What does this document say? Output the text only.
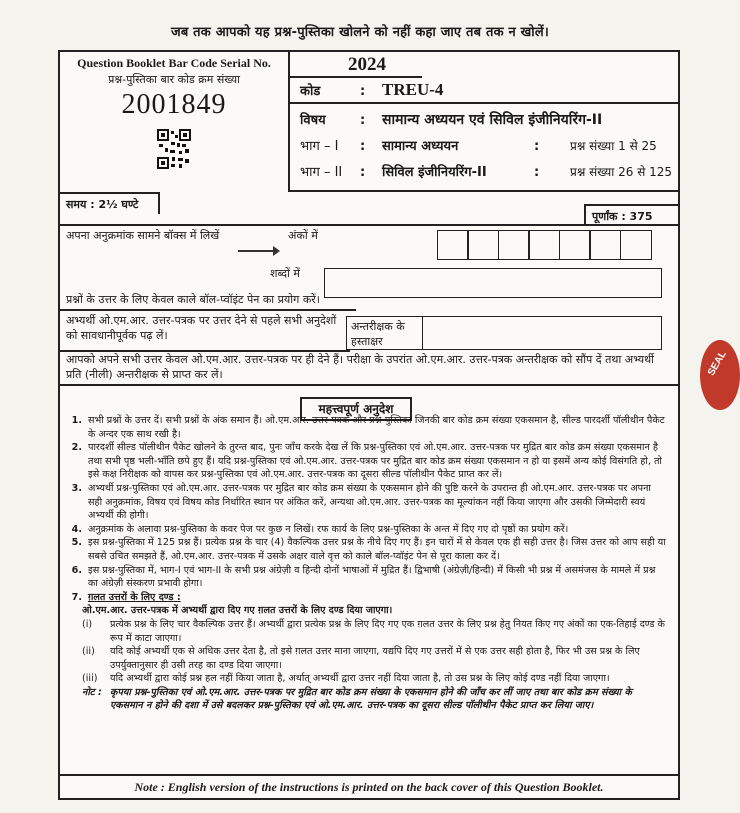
जब तक आपको यह प्रश्न-पुस्तिका खोलने को नहीं कहा जाए तब तक न खोलें।
Question Booklet Bar Code Serial No.
प्रश्न-पुस्तिका बार कोड क्रम संख्या
2001849
2024
कोड	: TREU-4
विषय	: सामान्य अध्ययन एवं सिविल इंजीनियरिंग-II
भाग – I : सामान्य अध्ययन	:	प्रश्न संख्या 1 से 25
भाग – II : सिविल इंजीनियरिंग-II	:	प्रश्न संख्या 26 से 125
समय : 2½ घण्टे
पूर्णांक : 375
अपना अनुक्रमांक सामने बॉक्स में लिखें	अंकों में
शब्दों में
प्रश्नों के उत्तर के लिए केवल काले बॉल-प्वॉइंट पेन का प्रयोग करें।
अभ्यर्थी ओ.एम.आर. उत्तर-पत्रक पर उत्तर देने से पहले सभी अनुदेशों को सावधानीपूर्वक पढ़ लें।
अन्तरीक्षक के हस्ताक्षर
आपको अपने सभी उत्तर केवल ओ.एम.आर. उत्तर-पत्रक पर ही देने हैं। परीक्षा के उपरांत ओ.एम.आर. उत्तर-पत्रक अन्तरीक्षक को सौंप दें तथा अभ्यर्थी प्रति (नीली) अन्तरीक्षक से प्राप्त कर लें।
महत्त्वपूर्ण अनुदेश
1. सभी प्रश्नों के उत्तर दें। सभी प्रश्नों के अंक समान हैं। ओ.एम.आर. उत्तर-पत्रक और प्रश्न-पुस्तिका जिनकी बार कोड क्रम संख्या एकसमान है, सील्ड पारदर्शी पॉलीथीन पैकेट के अन्दर एक साथ रखी है।
2. पारदर्शी सील्ड पॉलीथीन पैकेट खोलने के तुरन्त बाद, पुनः जाँच करके देख लें कि प्रश्न-पुस्तिका एवं ओ.एम.आर. उत्तर-पत्रक पर मुद्रित बार कोड क्रम संख्या एकसमान है तथा सभी पृष्ठ भली-भाँति छपे हुए हैं। यदि प्रश्न-पुस्तिका एवं ओ.एम.आर. उत्तर-पत्रक पर मुद्रित बार कोड क्रम संख्या एकसमान न हो या इसमें अन्य कोई विसंगति हो, तो इसे कक्ष निरीक्षक को वापस कर प्रश्न-पुस्तिका एवं ओ.एम.आर. उत्तर-पत्रक का दूसरा सील्ड पॉलीथीन पैकेट प्राप्त कर लें।
3. अभ्यर्थी प्रश्न-पुस्तिका एवं ओ.एम.आर. उत्तर-पत्रक पर मुद्रित बार कोड क्रम संख्या के एकसमान होने की पुष्टि करने के उपरान्त ही ओ.एम.आर. उत्तर-पत्रक पर अपना सही अनुक्रमांक, विषय एवं विषय कोड निर्धारित स्थान पर अंकित करें, अन्यथा ओ.एम.आर. उत्तर-पत्रक का मूल्यांकन नहीं किया जाएगा और उसकी जिम्मेदारी स्वयं अभ्यर्थी की होगी।
4. अनुक्रमांक के अलावा प्रश्न-पुस्तिका के कवर पेज पर कुछ न लिखें। रफ कार्य के लिए प्रश्न-पुस्तिका के अन्त में दिए गए दो पृष्ठों का प्रयोग करें।
5. इस प्रश्न-पुस्तिका में 125 प्रश्न हैं। प्रत्येक प्रश्न के चार (4) वैकल्पिक उत्तर प्रश्न के नीचे दिए गए हैं। इन चारों में से केवल एक ही सही उत्तर है। जिस उत्तर को आप सही या सबसे उचित समझते हैं, ओ.एम.आर. उत्तर-पत्रक में उसके अक्षर वाले वृत्त को काले बॉल-प्वॉइंट पेन से पूरा काला कर दें।
6. इस प्रश्न-पुस्तिका में, भाग-I एवं भाग-II के सभी प्रश्न अंग्रेज़ी व हिन्दी दोनों भाषाओं में मुद्रित हैं। द्विभाषी (अंग्रेज़ी/हिन्दी) में किसी भी प्रश्न में असमंजस के मामले में प्रश्न का अंग्रेज़ी संस्करण प्रभावी होगा।
7. ग़लत उत्तरों के लिए दण्ड :
ओ.एम.आर. उत्तर-पत्रक में अभ्यर्थी द्वारा दिए गए ग़लत उत्तरों के लिए दण्ड दिया जाएगा।
(i)	प्रत्येक प्रश्न के लिए चार वैकल्पिक उत्तर हैं। अभ्यर्थी द्वारा प्रत्येक प्रश्न के लिए दिए गए एक ग़लत उत्तर के लिए प्रश्न हेतु नियत किए गए अंकों का एक-तिहाई दण्ड के रूप में काटा जाएगा।
(ii)	यदि कोई अभ्यर्थी एक से अधिक उत्तर देता है, तो इसे ग़लत उत्तर माना जाएगा, यद्यपि दिए गए उत्तरों में से एक उत्तर सही होता है, फिर भी उस प्रश्न के लिए उपर्युक्तानुसार ही उसी तरह का दण्ड दिया जाएगा।
(iii)	यदि अभ्यर्थी द्वारा कोई प्रश्न हल नहीं किया जाता है, अर्थात् अभ्यर्थी द्वारा उत्तर नहीं दिया जाता है, तो उस प्रश्न के लिए कोई दण्ड नहीं दिया जाएगा।
नोट : कृपया प्रश्न-पुस्तिका एवं ओ.एम.आर. उत्तर-पत्रक पर मुद्रित बार कोड क्रम संख्या के एकसमान होने की जाँच कर लीं जाए तथा बार कोड क्रम संख्या के एकसमान न होने की दशा में उसे बदलकर प्रश्न-पुस्तिका एवं ओ.एम.आर. उत्तर-पत्रक का दूसरा सील्ड पॉलीथीन पैकेट प्राप्त कर लिया जाए।
Note : English version of the instructions is printed on the back cover of this Question Booklet.
SEAL
